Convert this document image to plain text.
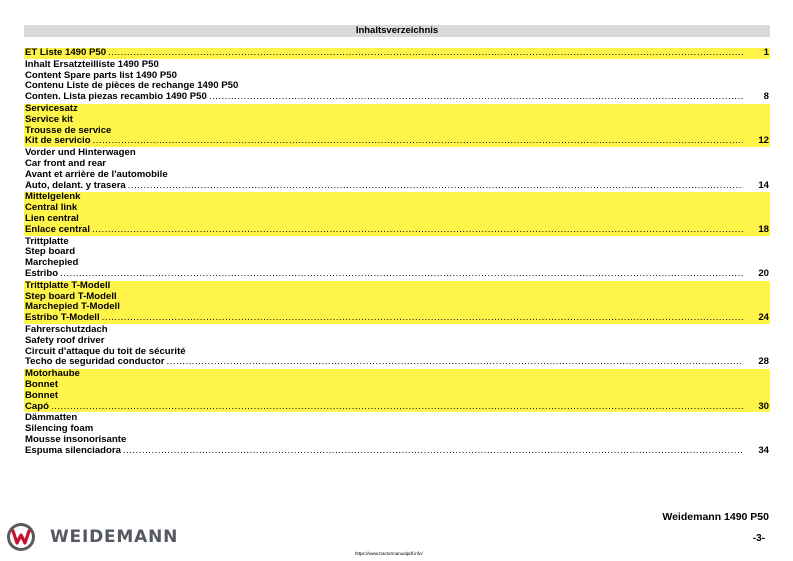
Inhaltsverzeichnis
ET Liste 1490 P50 .....	1
Inhalt Ersatzteilliste 1490 P50
Content Spare parts list 1490 P50
Contenu Liste de pièces de rechange 1490 P50
Conten. Lista piezas recambio 1490 P50 .....	8
Servicesatz
Service kit
Trousse de service
Kit de servicio .....	12
Vorder und Hinterwagen
Car front and rear
Avant et arrière de l'automobile
Auto, delant. y trasera .....	14
Mittelgelenk
Central link
Lien central
Enlace central .....	18
Trittplatte
Step board
Marchepied
Estribo .....	20
Trittplatte T-Modell
Step board T-Modell
Marchepied T-Modell
Estribo T-Modell .....	24
Fahrerschutzdach
Safety roof driver
Circuit d'attaque du toit de sécurité
Techo de seguridad conductor .....	28
Motorhaube
Bonnet
Bonnet
Capó .....	30
Dämmatten
Silencing foam
Mousse insonorisante
Espuma silenciadora .....	34
Weidemann 1490 P50
-3-
WEIDEMANN
https://www.tractormanualpdf.info/
